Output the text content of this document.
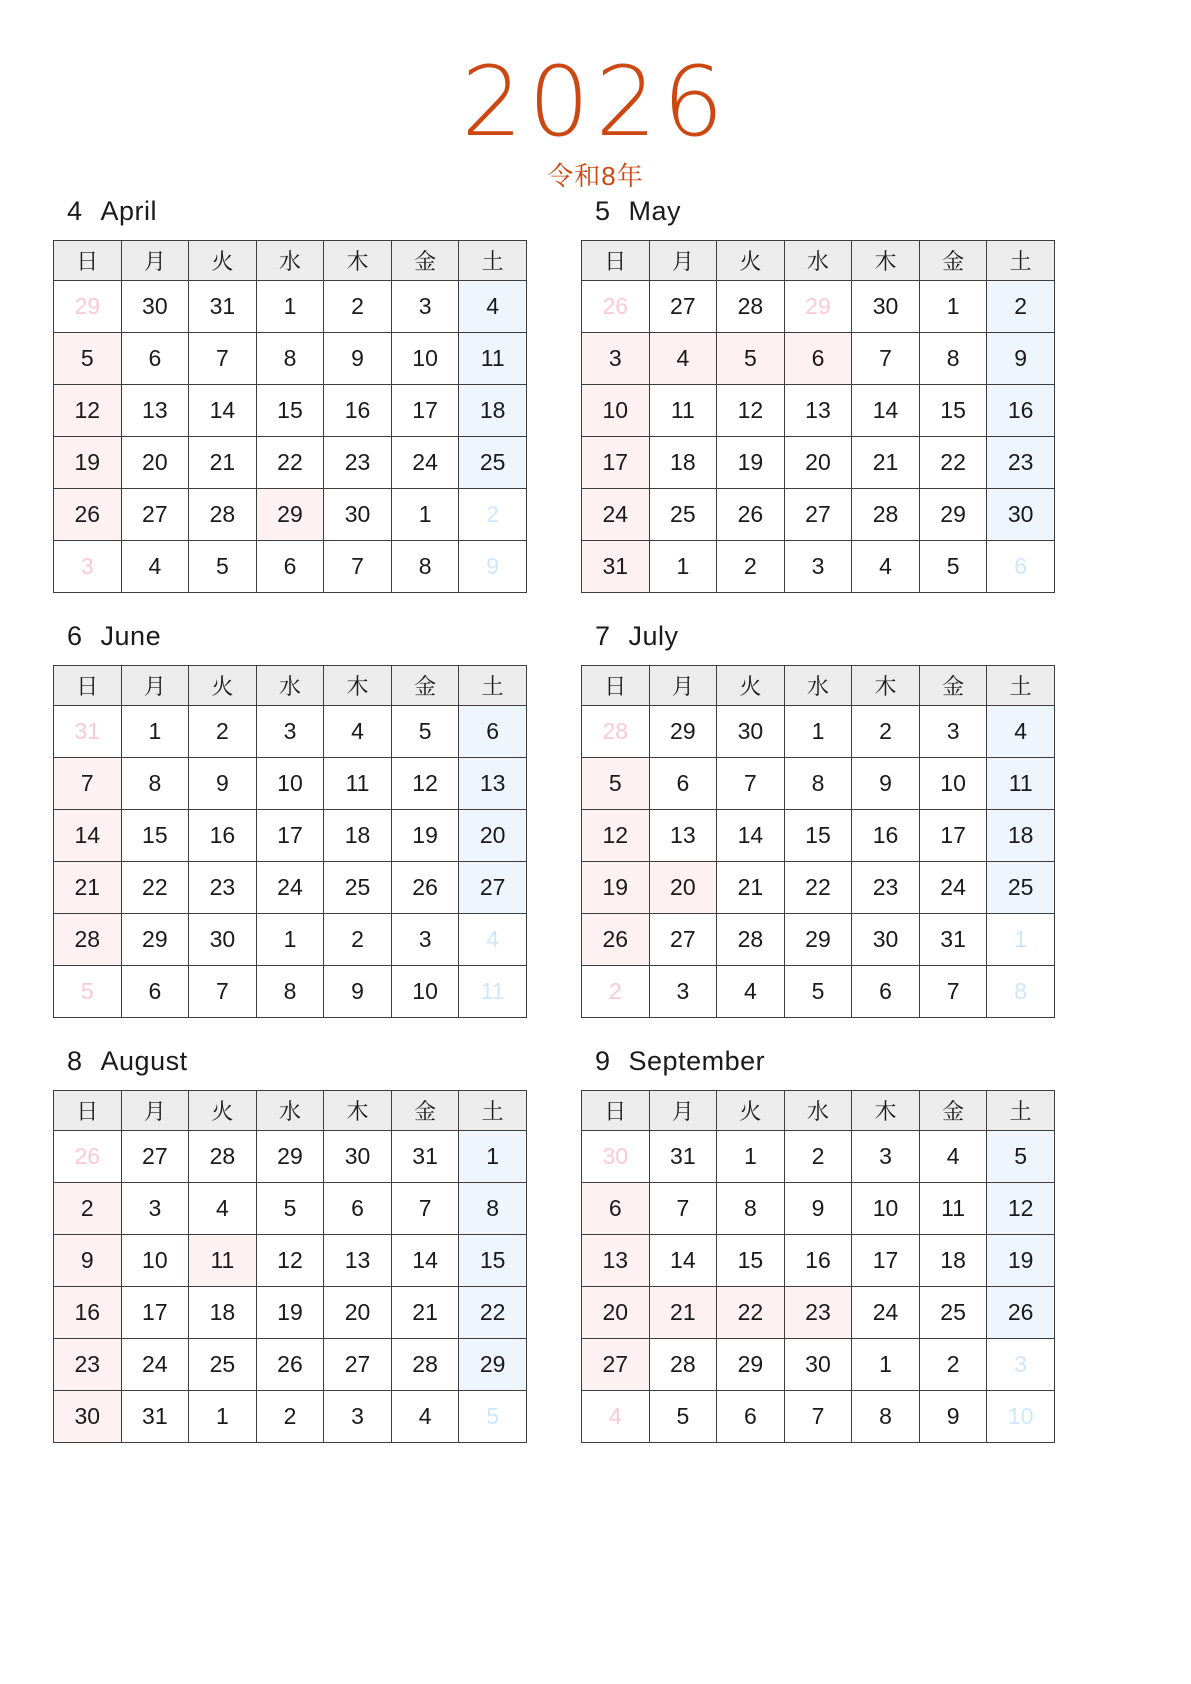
2026
令和8年
4 April
日	月	火	水	木	金	土
29	30	31	1	2	3	4
5	6	7	8	9	10	11
12	13	14	15	16	17	18
19	20	21	22	23	24	25
26	27	28	29	30	1	2
3	4	5	6	7	8	9
5 May
日	月	火	水	木	金	土
26	27	28	29	30	1	2
3	4	5	6	7	8	9
10	11	12	13	14	15	16
17	18	19	20	21	22	23
24	25	26	27	28	29	30
31	1	2	3	4	5	6
6 June
日	月	火	水	木	金	土
31	1	2	3	4	5	6
7	8	9	10	11	12	13
14	15	16	17	18	19	20
21	22	23	24	25	26	27
28	29	30	1	2	3	4
5	6	7	8	9	10	11
7 July
日	月	火	水	木	金	土
28	29	30	1	2	3	4
5	6	7	8	9	10	11
12	13	14	15	16	17	18
19	20	21	22	23	24	25
26	27	28	29	30	31	1
2	3	4	5	6	7	8
8 August
日	月	火	水	木	金	土
26	27	28	29	30	31	1
2	3	4	5	6	7	8
9	10	11	12	13	14	15
16	17	18	19	20	21	22
23	24	25	26	27	28	29
30	31	1	2	3	4	5
9 September
日	月	火	水	木	金	土
30	31	1	2	3	4	5
6	7	8	9	10	11	12
13	14	15	16	17	18	19
20	21	22	23	24	25	26
27	28	29	30	1	2	3
4	5	6	7	8	9	10
